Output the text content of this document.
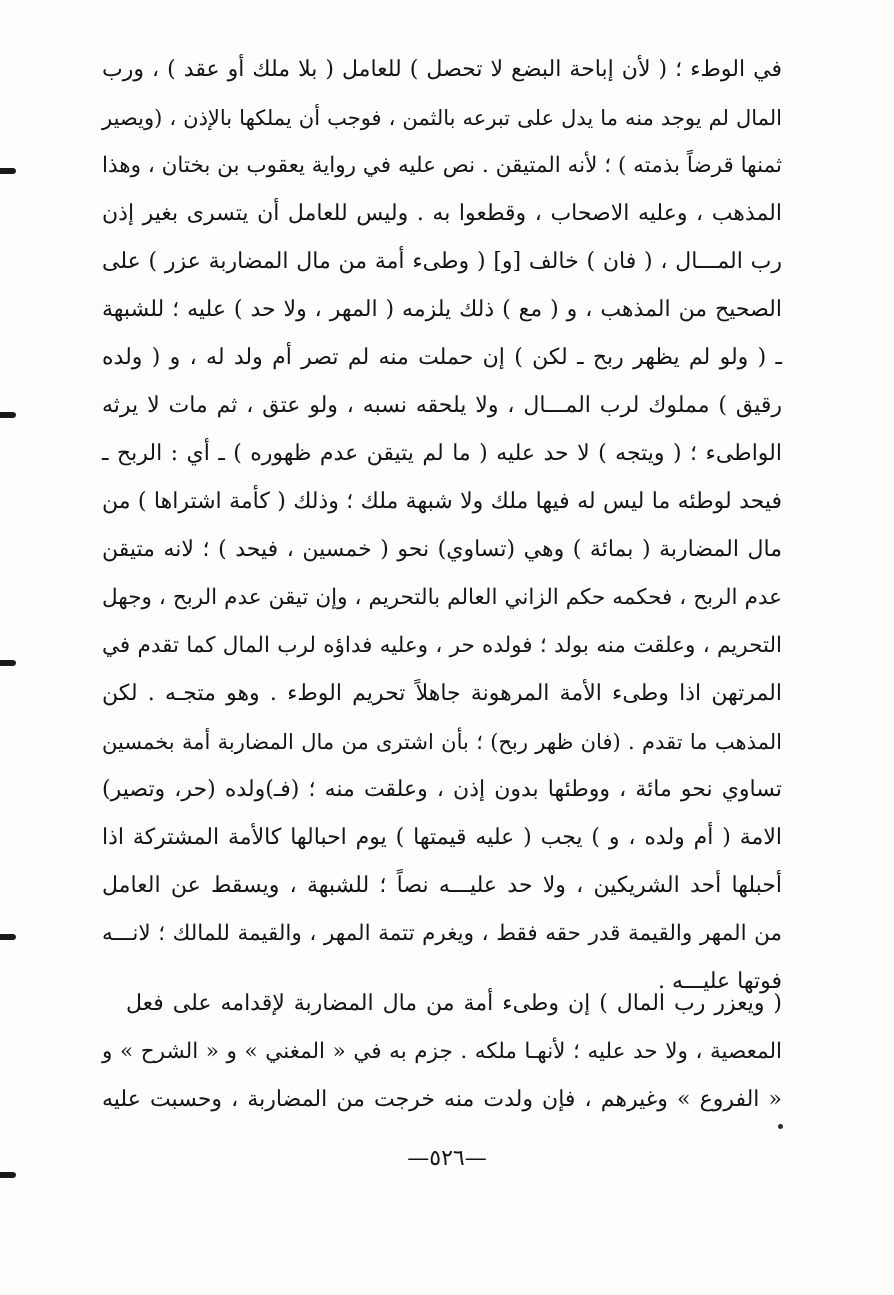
في الوطء ؛ ( لأن إباحة البضع لا تحصل ) للعامل ( بلا ملك أو عقد ) ، ورب
المال لم يوجد منه ما يدل على تبرعه بالثمن ، فوجب أن يملكها بالإذن ، (ويصير
ثمنها قرضاً بذمته ) ؛ لأنه المتيقن . نص عليه في رواية يعقوب بن بختان ، وهذا
المذهب ، وعليه الاصحاب ، وقطعوا به . وليس للعامل أن يتسرى بغير إذن
رب المـــال ، ( فان ) خالف [و] ( وطىء أمة من مال المضاربة عزر ) على
الصحيح من المذهب ، و ( مع ) ذلك يلزمه ( المهر ، ولا حد ) عليه ؛ للشبهة
ـ ( ولو لم يظهر ربح ـ لكن ) إن حملت منه لم تصر أم ولد له ، و ( ولده
رقيق ) مملوك لرب المـــال ، ولا يلحقه نسبه ، ولو عتق ، ثم مات لا يرثه
الواطىء ؛ ( ويتجه ) لا حد عليه ( ما لم يتيقن عدم ظهوره ) ـ أي : الربح ـ
فيحد لوطئه ما ليس له فيها ملك ولا شبهة ملك ؛ وذلك ( كأمة اشتراها ) من
مال المضاربة ( بمائة ) وهي (تساوي) نحو ( خمسين ، فيحد ) ؛ لانه متيقن
عدم الربح ، فحكمه حكم الزاني العالم بالتحريم ، وإن تيقن عدم الربح ، وجهل
التحريم ، وعلقت منه بولد ؛ فولده حر ، وعليه فداؤه لرب المال كما تقدم في
المرتهن اذا وطىء الأمة المرهونة جاهلاً تحريم الوطء . وهو متجـه . لكن
المذهب ما تقدم . (فان ظهر ربح) ؛ بأن اشترى من مال المضاربة أمة بخمسين
تساوي نحو مائة ، ووطئها بدون إذن ، وعلقت منه ؛ (فـ)ولده (حر، وتصير)
الامة ( أم ولده ، و ) يجب ( عليه قيمتها ) يوم احبالها كالأمة المشتركة اذا
أحبلها أحد الشريكين ، ولا حد عليـــه نصاً ؛ للشبهة ، ويسقط عن العامل
من المهر والقيمة قدر حقه فقط ، ويغرم تتمة المهر ، والقيمة للمالك ؛ لانـــه
فوتها عليـــه .
( ويعزر رب المال ) إن وطىء أمة من مال المضاربة لإقدامه على فعل
المعصية ، ولا حد عليه ؛ لأنهـا ملكه . جزم به في « المغني » و « الشرح » و
« الفروع » وغيرهم ، فإن ولدت منه خرجت من المضاربة ، وحسبت عليه
—٥٢٦—
